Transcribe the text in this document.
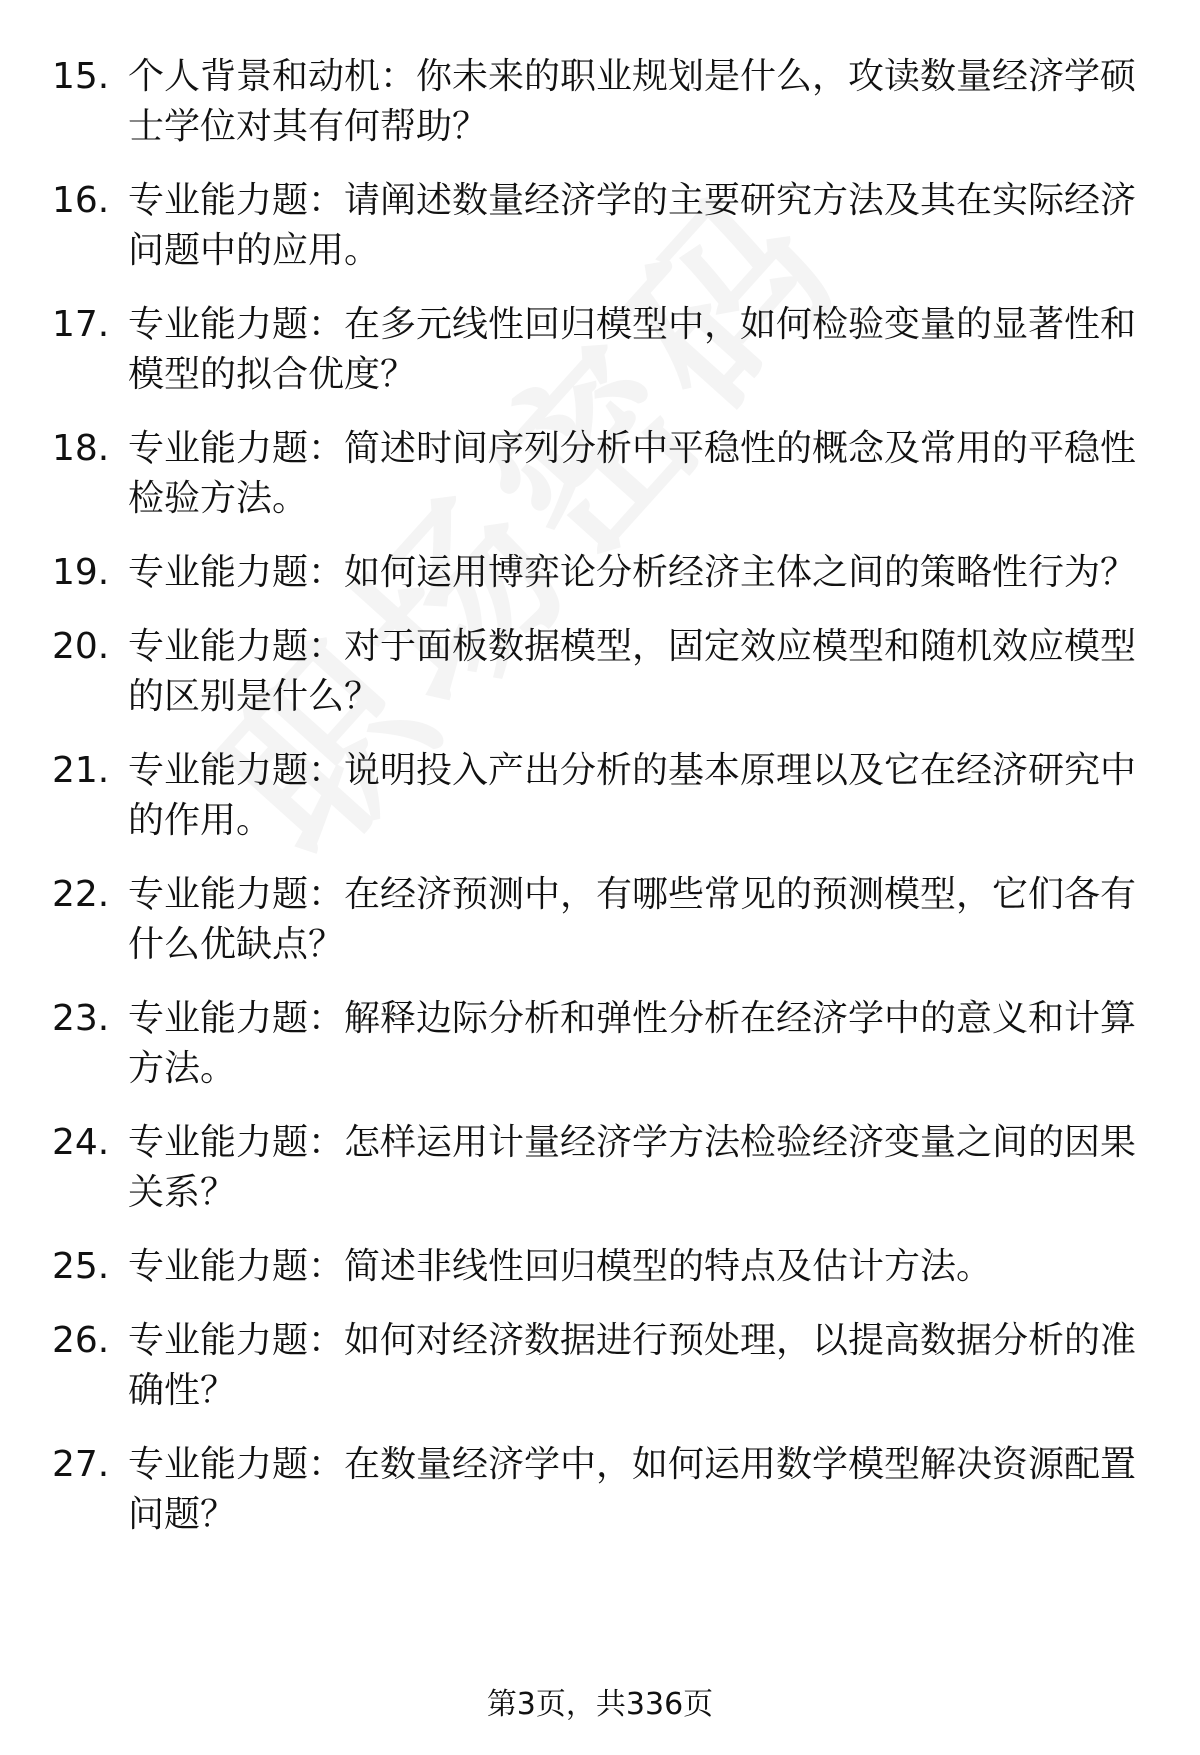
15. 个人背景和动机：你未来的职业规划是什么，攻读数量经济学硕士学位对其有何帮助？
16. 专业能力题：请阐述数量经济学的主要研究方法及其在实际经济问题中的应用。
17. 专业能力题：在多元线性回归模型中，如何检验变量的显著性和模型的拟合优度？
18. 专业能力题：简述时间序列分析中平稳性的概念及常用的平稳性检验方法。
19. 专业能力题：如何运用博弈论分析经济主体之间的策略性行为？
20. 专业能力题：对于面板数据模型，固定效应模型和随机效应模型的区别是什么？
21. 专业能力题：说明投入产出分析的基本原理以及它在经济研究中的作用。
22. 专业能力题：在经济预测中，有哪些常见的预测模型，它们各有什么优缺点？
23. 专业能力题：解释边际分析和弹性分析在经济学中的意义和计算方法。
24. 专业能力题：怎样运用计量经济学方法检验经济变量之间的因果关系？
25. 专业能力题：简述非线性回归模型的特点及估计方法。
26. 专业能力题：如何对经济数据进行预处理，以提高数据分析的准确性？
27. 专业能力题：在数量经济学中，如何运用数学模型解决资源配置问题？
第3页，共336页
